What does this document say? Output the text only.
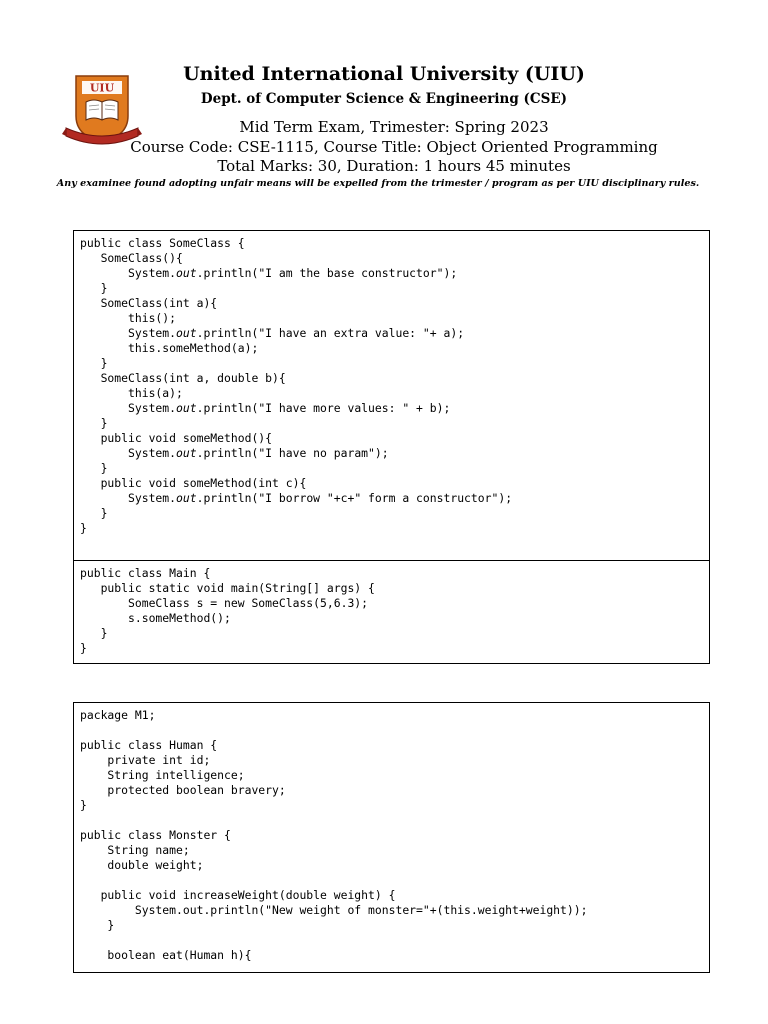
UIU
United International University (UIU)
Dept. of Computer Science & Engineering (CSE)
Mid Term Exam, Trimester: Spring 2023
Course Code: CSE-1115, Course Title: Object Oriented Programming
Total Marks: 30, Duration: 1 hours 45 minutes
Any examinee found adopting unfair means will be expelled from the trimester / program as per UIU disciplinary rules.
public class SomeClass {
SomeClass(){
System.out.println("I am the base constructor");
}
SomeClass(int a){
this();
System.out.println("I have an extra value: "+ a);
this.someMethod(a);
}
SomeClass(int a, double b){
this(a);
System.out.println("I have more values: " + b);
}
public void someMethod(){
System.out.println("I have no param");
}
public void someMethod(int c){
System.out.println("I borrow "+c+" form a constructor");
}
}
public class Main {
public static void main(String[] args) {
SomeClass s = new SomeClass(5,6.3);
s.someMethod();
}
}
package M1;

public class Human {
private int id;
String intelligence;
protected boolean bravery;
}

public class Monster {
String name;
double weight;

public void increaseWeight(double weight) {
System.out.println("New weight of monster="+(this.weight+weight));
}

boolean eat(Human h){
